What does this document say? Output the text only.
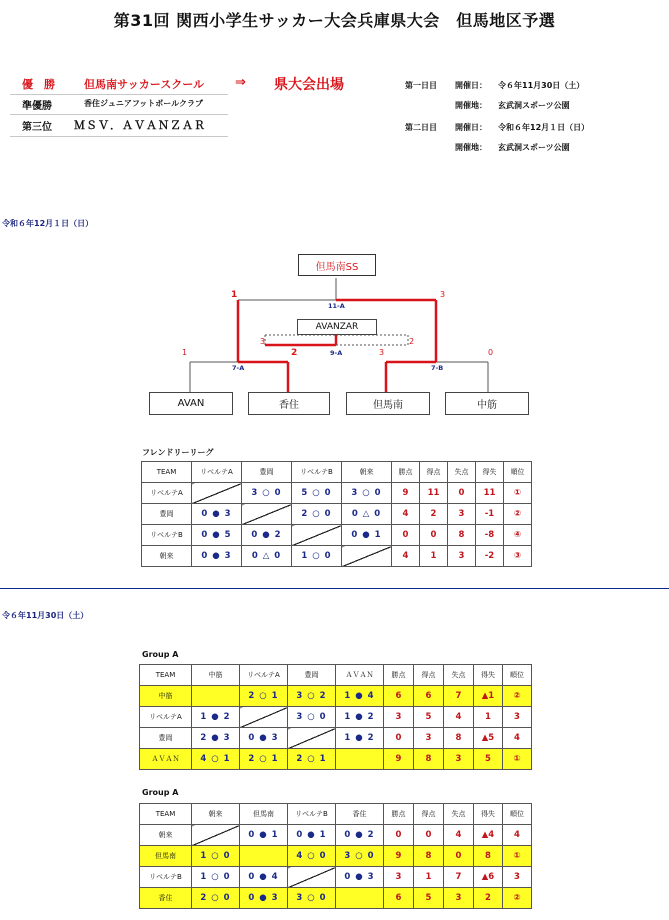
第31回 関西小学生サッカー大会兵庫県大会　但馬地区予選
優　勝	但馬南サッカースクール ⇒ 県大会出場
準優勝	香住ジュニアフットボールクラブ
第三位 ＭＳＶ．ＡＶＡＮＺＡＲ
第一日目 開催日： 令６年11月30日（土）
開催地： 玄武洞スポーツ公園
第二日目 開催日： 令和６年12月１日（日）
開催地： 玄武洞スポーツ公園
令和６年12月１日（日）
但馬南SS
AVANZAR
AVAN	香住	但馬南	中筋
11-A
9-A
7-A	7-B
1	3
3	2
1	2	3	0
フレンドリーリーグ
TEAM	リベルテA	豊岡	リベルテB	朝来	勝点	得点	失点	得失	順位
リベルテA		3 ○ 0	5 ○ 0	3 ○ 0	9	11	0	11	①
豊岡	0 ● 3		2 ○ 0	0 △ 0	4	2	3	-1	②
リベルテB	0 ● 5	0 ● 2		0 ● 1	0	0	8	-8	④
朝来	0 ● 3	0 △ 0	1 ○ 0		4	1	3	-2	③
令６年11月30日（土）
Group A
TEAM	中筋	リベルテA	豊岡	ＡＶＡＮ	勝点	得点	失点	得失	順位
中筋		2 ○ 1	3 ○ 2	1 ● 4	6	6	7	▲1	②
リベルテA	1 ● 2		3 ○ 0	1 ● 2	3	5	4	1	3
豊岡	2 ● 3	0 ● 3		1 ● 2	0	3	8	▲5	4
ＡＶＡＮ	4 ○ 1	2 ○ 1	2 ○ 1		9	8	3	5	①
Group A
TEAM	朝来	但馬南	リベルテB	香住	勝点	得点	失点	得失	順位
朝来		0 ● 1	0 ● 1	0 ● 2	0	0	4	▲4	4
但馬南	1 ○ 0		4 ○ 0	3 ○ 0	9	8	0	8	①
リベルテB	1 ○ 0	0 ● 4		0 ● 3	3	1	7	▲6	3
香住	2 ○ 0	0 ● 3	3 ○ 0		6	5	3	2	②
